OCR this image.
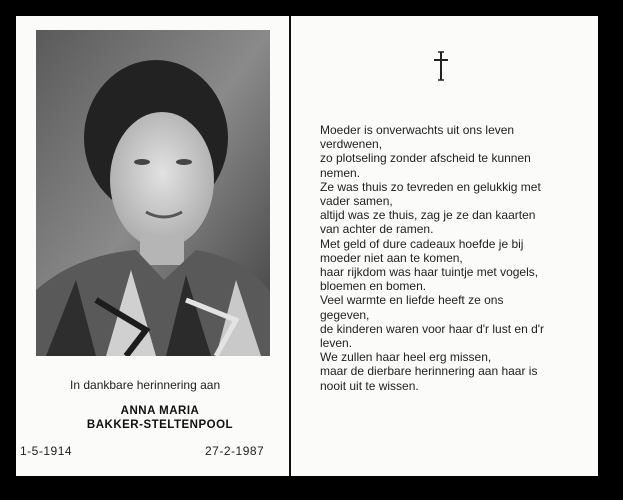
In dankbare herinnering aan
ANNA MARIA
BAKKER-STELTENPOOL
1-5-1914	27-2-1987
Moeder is onverwachts uit ons leven
verdwenen,
zo plotseling zonder afscheid te kunnen
nemen.
Ze was thuis zo tevreden en gelukkig met
vader samen,
altijd was ze thuis, zag je ze dan kaarten
van achter de ramen.
Met geld of dure cadeaux hoefde je bij
moeder niet aan te komen,
haar rijkdom was haar tuintje met vogels,
bloemen en bomen.
Veel warmte en liefde heeft ze ons
gegeven,
de kinderen waren voor haar d'r lust en d'r
leven.
We zullen haar heel erg missen,
maar de dierbare herinnering aan haar is
nooit uit te wissen.
